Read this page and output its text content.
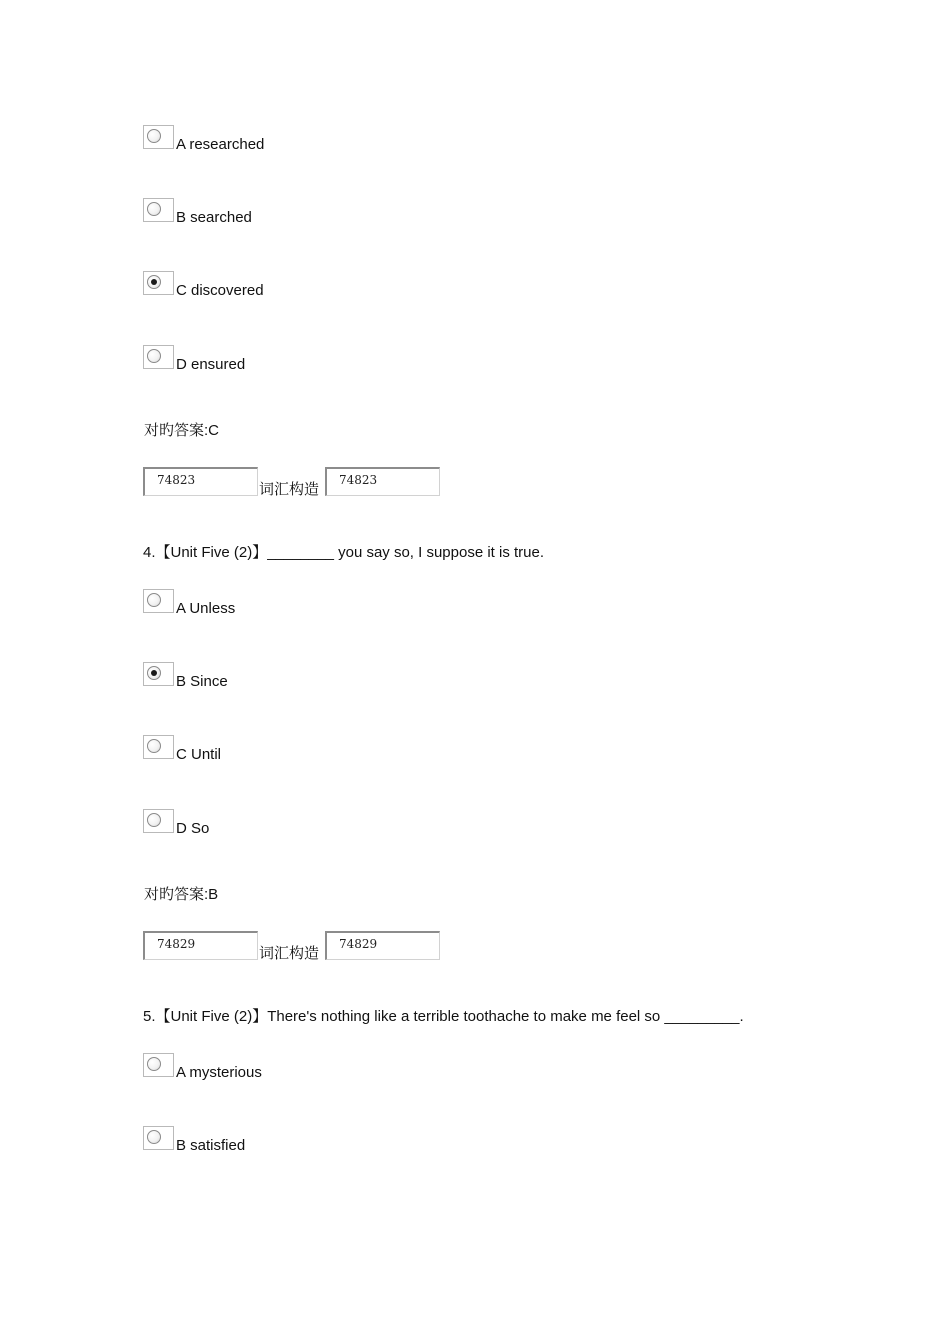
A researched
B searched
C discovered
D ensured
对旳答案:C
74823
词汇构造
74823
4.【Unit Five (2)】________ you say so, I suppose it is true.
A Unless
B Since
C Until
D So
对旳答案:B
74829
词汇构造
74829
5.【Unit Five (2)】There's nothing like a terrible toothache to make me feel so _________.
A mysterious
B satisfied
